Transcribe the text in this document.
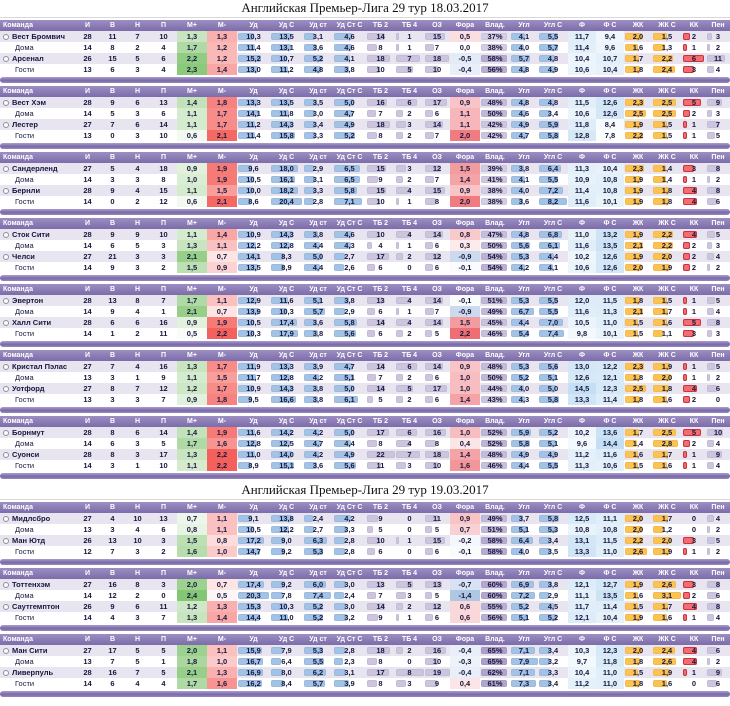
Английская Премьер-Лига 29 тур 18.03.2017
Команда	И	В	Н	П	М+	М-	Уд	Уд С	Уд ст	Уд Ст С	ТБ 2	ТБ 4	ОЗ	Фора	Влад.	Угл	Угл С	Ф	Ф С	ЖК	ЖК С	КК	Пен
Вест Бромвич	28	11	7	10	1,3	1,3	10,3	13,5	3,1	4,6	14	1	15	0,5	37%	4,1	5,5	11,7	9,4	2,0	1,5	2	3
Дома	14	8	2	4	1,7	1,2	11,4	13,1	3,6	4,6	8	1	7	0,0	38%	4,0	5,7	11,4	9,6	1,6	1,3	1	2
Арсенал	26	15	5	6	2,2	1,2	15,2	10,7	5,2	4,1	18	7	18	-0,5	58%	5,7	4,8	10,4	10,7	1,7	2,2	6	11
Гости	13	6	3	4	2,3	1,4	13,0	11,2	4,8	3,8	10	5	10	-0,4	56%	4,8	4,9	10,6	10,4	1,8	2,4	3	4
Команда	И	В	Н	П	М+	М-	Уд	Уд С	Уд ст	Уд Ст С	ТБ 2	ТБ 4	ОЗ	Фора	Влад.	Угл	Угл С	Ф	Ф С	ЖК	ЖК С	КК	Пен
Вест Хэм	28	9	6	13	1,4	1,8	13,3	13,5	3,5	5,0	16	6	17	0,9	48%	4,8	4,8	11,5	12,6	2,3	2,5	5	9
Дома	14	5	3	6	1,1	1,7	14,1	11,8	3,0	4,7	7	2	6	1,1	50%	4,6	3,4	10,6	12,6	2,5	2,5	2	3
Лестер	27	7	6	14	1,1	1,7	11,2	14,3	3,4	4,9	18	3	14	1,1	42%	4,9	5,9	11,8	8,4	1,9	1,5	1	7
Гости	13	0	3	10	0,6	2,1	11,4	15,8	3,3	5,2	8	2	7	2,0	42%	4,7	5,8	12,8	7,8	2,2	1,5	1	5
Команда	И	В	Н	П	М+	М-	Уд	Уд С	Уд ст	Уд Ст С	ТБ 2	ТБ 4	ОЗ	Фора	Влад.	Угл	Угл С	Ф	Ф С	ЖК	ЖК С	КК	Пен
Сандерленд	27	5	4	18	0,9	1,9	9,6	18,0	2,9	6,5	15	3	12	1,5	39%	3,8	6,4	11,3	10,4	2,3	1,4	3	8
Дома	14	3	3	8	1,0	1,9	10,5	16,1	3,1	6,5	9	2	7	1,4	41%	4,1	5,5	10,9	10,8	1,9	1,4	1	2
Бернли	28	9	4	15	1,1	1,5	10,0	18,2	3,3	5,8	15	4	15	0,9	38%	4,0	7,2	11,4	10,8	1,9	1,8	4	8
Гости	14	0	2	12	0,6	2,1	8,6	20,4	2,8	7,1	10	1	8	2,0	38%	3,6	8,2	11,6	10,1	1,9	1,8	4	6
Команда	И	В	Н	П	М+	М-	Уд	Уд С	Уд ст	Уд Ст С	ТБ 2	ТБ 4	ОЗ	Фора	Влад.	Угл	Угл С	Ф	Ф С	ЖК	ЖК С	КК	Пен
Сток Сити	28	9	9	10	1,1	1,4	10,9	14,3	3,8	4,6	10	4	14	0,8	47%	4,8	6,8	11,0	13,2	1,9	2,2	4	5
Дома	14	6	5	3	1,3	1,1	12,2	12,8	4,4	4,3	4	1	6	0,3	50%	5,6	6,1	11,6	13,5	2,1	2,2	2	3
Челси	27	21	3	3	2,1	0,7	14,1	8,3	5,0	2,7	17	2	12	-0,9	54%	5,3	4,4	10,2	12,6	1,9	2,0	2	4
Гости	14	9	3	2	1,5	0,9	13,5	8,9	4,4	2,6	6	0	6	-0,1	54%	4,2	4,1	10,6	12,6	2,0	1,9	2	2
Команда	И	В	Н	П	М+	М-	Уд	Уд С	Уд ст	Уд Ст С	ТБ 2	ТБ 4	ОЗ	Фора	Влад.	Угл	Угл С	Ф	Ф С	ЖК	ЖК С	КК	Пен
Эвертон	28	13	8	7	1,7	1,1	12,9	11,6	5,1	3,8	13	4	14	-0,1	51%	5,3	5,5	12,0	11,5	1,8	1,5	1	5
Дома	14	9	4	1	2,1	0,7	13,9	10,3	5,7	2,9	6	1	7	-0,9	49%	6,7	5,5	11,6	11,3	2,1	1,7	1	4
Халл Сити	28	6	6	16	0,9	1,9	10,5	17,4	3,6	5,8	14	4	14	1,5	45%	4,4	7,0	10,5	11,0	1,5	1,6	5	8
Гости	14	1	2	11	0,5	2,2	10,3	17,9	3,8	5,6	6	2	5	2,2	46%	5,4	7,4	9,8	10,1	1,5	1,1	3	3
Команда	И	В	Н	П	М+	М-	Уд	Уд С	Уд ст	Уд Ст С	ТБ 2	ТБ 4	ОЗ	Фора	Влад.	Угл	Угл С	Ф	Ф С	ЖК	ЖК С	КК	Пен
Кристал Пэлас	27	7	4	16	1,3	1,7	11,9	13,3	3,9	4,7	14	6	14	0,9	48%	5,3	5,6	13,0	12,2	2,3	1,9	1	5
Дома	13	3	1	9	1,1	1,5	11,7	12,8	4,2	5,1	7	2	6	1,0	50%	5,2	5,1	12,6	12,1	1,8	2,0	1	2
Уотфорд	27	8	7	12	1,2	1,7	10,9	14,3	3,8	5,0	14	5	17	1,0	44%	4,0	5,0	14,5	12,3	2,5	1,8	4	6
Гости	13	3	3	7	0,9	1,8	9,5	16,6	3,8	6,1	5	2	6	1,4	43%	4,3	5,8	13,3	11,4	1,8	1,6	2	0
Команда	И	В	Н	П	М+	М-	Уд	Уд С	Уд ст	Уд Ст С	ТБ 2	ТБ 4	ОЗ	Фора	Влад.	Угл	Угл С	Ф	Ф С	ЖК	ЖК С	КК	Пен
Борнмут	28	8	6	14	1,4	1,9	11,6	14,2	4,2	5,0	17	6	16	1,0	52%	5,9	5,2	10,2	13,6	1,7	2,5	5	10
Дома	14	6	3	5	1,7	1,6	12,8	12,5	4,7	4,4	8	4	8	0,4	52%	5,8	5,1	9,6	14,4	1,4	2,8	2	4
Суонси	28	8	3	17	1,3	2,2	11,0	14,0	4,2	4,9	22	7	18	1,4	48%	4,9	4,9	11,2	11,6	1,6	1,7	1	9
Гости	14	3	1	10	1,1	2,2	8,9	15,1	3,6	5,6	11	3	10	1,6	46%	4,4	5,5	11,3	10,6	1,5	1,6	1	4
Английская Премьер-Лига 29 тур 19.03.2017
Команда	И	В	Н	П	М+	М-	Уд	Уд С	Уд ст	Уд Ст С	ТБ 2	ТБ 4	ОЗ	Фора	Влад.	Угл	Угл С	Ф	Ф С	ЖК	ЖК С	КК	Пен
Мидлсбро	27	4	10	13	0,7	1,1	9,1	13,8	2,4	4,2	9	0	11	0,9	49%	3,7	5,8	12,5	11,1	2,0	1,7	0	4
Дома	13	3	4	6	0,8	1,1	10,5	12,2	2,7	3,3	5	0	5	0,7	51%	5,1	5,3	10,8	10,8	2,0	1,2	0	2
Ман Ютд	26	13	10	3	1,5	0,8	17,2	9,0	6,3	2,8	10	1	15	-0,2	58%	6,4	3,4	13,1	11,5	2,2	2,0	3	5
Гости	12	7	3	2	1,6	1,0	14,7	9,2	5,3	2,8	6	0	6	-0,1	58%	4,0	3,5	13,3	11,0	2,6	1,9	1	2
Команда	И	В	Н	П	М+	М-	Уд	Уд С	Уд ст	Уд Ст С	ТБ 2	ТБ 4	ОЗ	Фора	Влад.	Угл	Угл С	Ф	Ф С	ЖК	ЖК С	КК	Пен
Тоттенхэм	27	16	8	3	2,0	0,7	17,4	9,2	6,0	3,0	13	5	13	-0,7	60%	6,9	3,8	12,1	12,7	1,9	2,6	3	8
Дома	14	12	2	0	2,4	0,5	20,3	7,8	7,4	2,4	7	3	5	-1,4	60%	7,2	2,9	11,1	13,5	1,6	3,1	2	6
Саутгемптон	26	9	6	11	1,2	1,3	15,3	10,3	5,2	3,0	14	2	12	0,6	55%	5,2	4,5	11,7	11,4	1,5	1,7	4	8
Гости	14	4	3	7	1,3	1,4	14,4	11,0	5,2	3,2	9	1	6	0,6	56%	5,1	5,2	12,1	10,4	1,9	1,6	1	4
Команда	И	В	Н	П	М+	М-	Уд	Уд С	Уд ст	Уд Ст С	ТБ 2	ТБ 4	ОЗ	Фора	Влад.	Угл	Угл С	Ф	Ф С	ЖК	ЖК С	КК	Пен
Ман Сити	27	17	5	5	2,0	1,1	15,9	7,9	5,3	2,8	18	2	16	-0,4	65%	7,1	3,4	10,3	12,3	2,0	2,4	4	6
Дома	13	7	5	1	1,8	1,0	16,7	6,4	5,5	2,3	8	0	10	-0,3	65%	7,9	3,2	9,7	11,8	1,8	2,6	4	2
Ливерпуль	28	16	7	5	2,1	1,3	16,9	8,0	6,2	3,1	17	8	19	-0,4	62%	7,1	3,3	10,4	11,0	1,5	1,9	1	9
Гости	14	6	4	4	1,7	1,6	16,2	8,4	5,7	3,9	8	3	9	0,4	61%	7,3	3,4	11,2	11,0	1,8	1,6	0	6
